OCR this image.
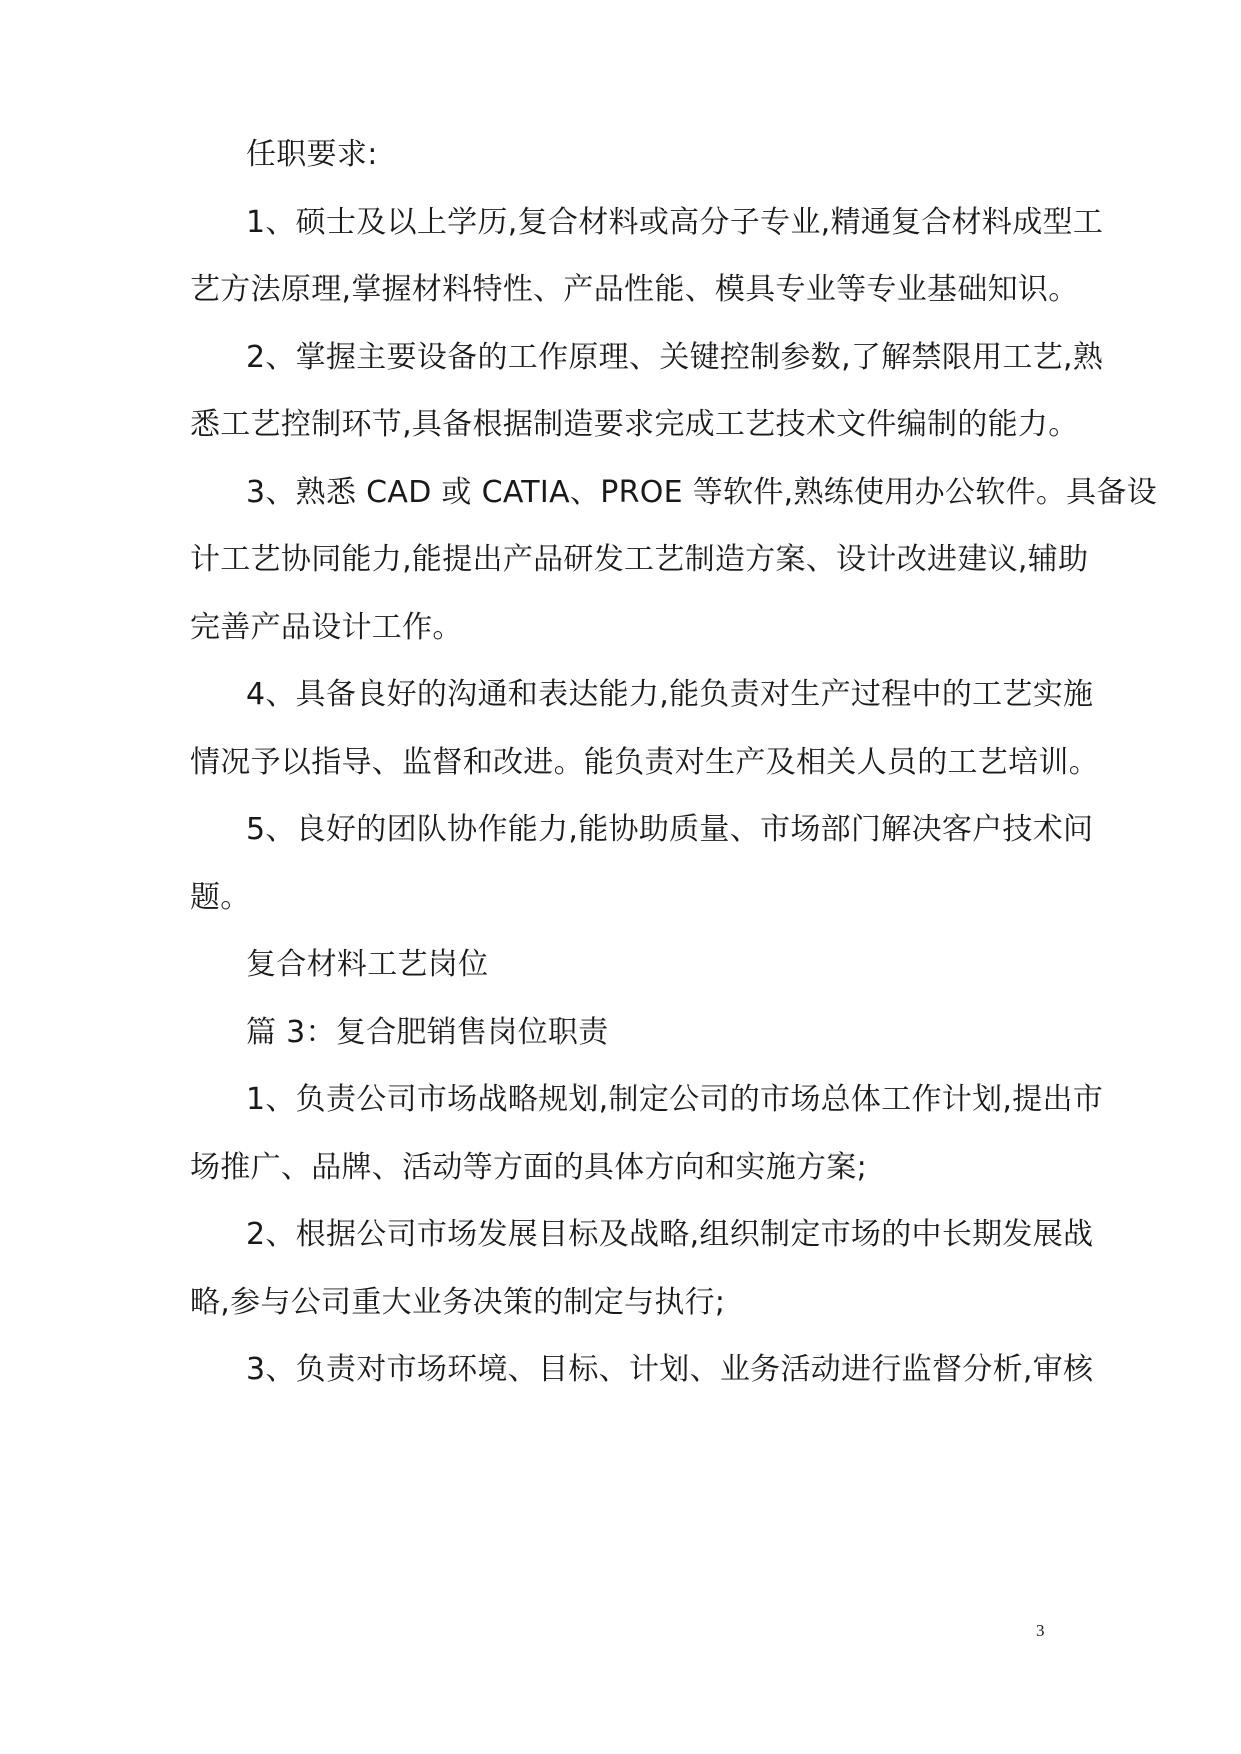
任职要求:
1、硕士及以上学历,复合材料或高分子专业,精通复合材料成型工
艺方法原理,掌握材料特性、产品性能、模具专业等专业基础知识。
2、掌握主要设备的工作原理、关键控制参数,了解禁限用工艺,熟
悉工艺控制环节,具备根据制造要求完成工艺技术文件编制的能力。
3、熟悉 CAD 或 CATIA、PROE 等软件,熟练使用办公软件。具备设
计工艺协同能力,能提出产品研发工艺制造方案、设计改进建议,辅助
完善产品设计工作。
4、具备良好的沟通和表达能力,能负责对生产过程中的工艺实施
情况予以指导、监督和改进。能负责对生产及相关人员的工艺培训。
5、良好的团队协作能力,能协助质量、市场部门解决客户技术问
题。
复合材料工艺岗位
篇 3：复合肥销售岗位职责
1、负责公司市场战略规划,制定公司的市场总体工作计划,提出市
场推广、品牌、活动等方面的具体方向和实施方案;
2、根据公司市场发展目标及战略,组织制定市场的中长期发展战
略,参与公司重大业务决策的制定与执行;
3、负责对市场环境、目标、计划、业务活动进行监督分析,审核
3
